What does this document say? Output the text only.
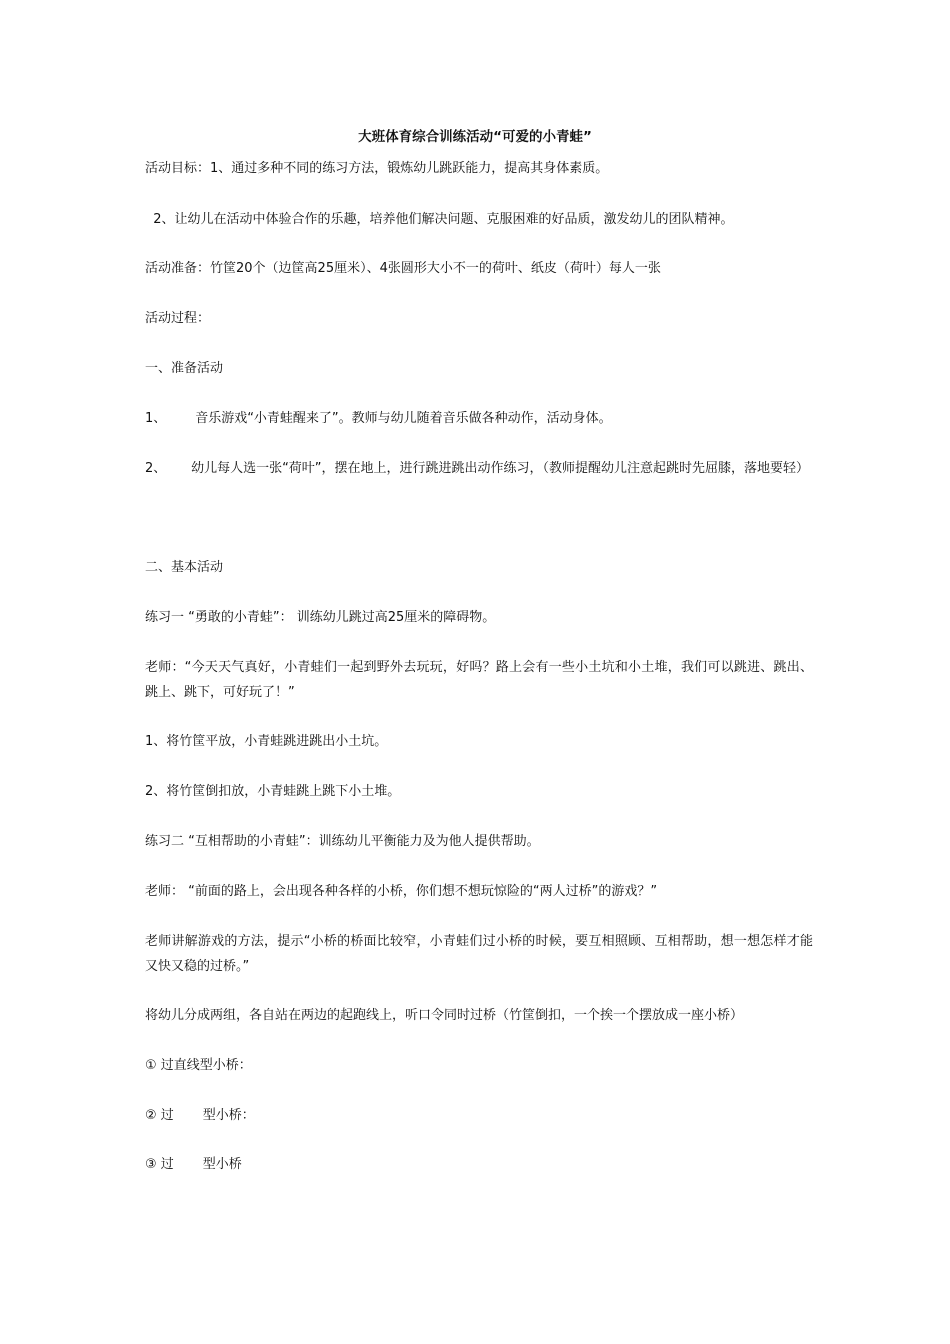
大班体育综合训练活动“可爱的小青蛙”

活动目标：1、通过多种不同的练习方法，锻炼幼儿跳跃能力，提高其身体素质。

2、让幼儿在活动中体验合作的乐趣，培养他们解决问题、克服困难的好品质，激发幼儿的团队精神。

活动准备：竹筐20个（边筐高25厘米）、4张圆形大小不一的荷叶、纸皮（荷叶）每人一张

活动过程：

一、准备活动

1、       音乐游戏“小青蛙醒来了”。教师与幼儿随着音乐做各种动作，活动身体。

2、      幼儿每人选一张“荷叶”，摆在地上，进行跳进跳出动作练习，（教师提醒幼儿注意起跳时先屈膝，落地要轻）

二、基本活动

练习一 “勇敢的小青蛙”： 训练幼儿跳过高25厘米的障碍物。

老师：“今天天气真好，小青蛙们一起到野外去玩玩，好吗？路上会有一些小土坑和小土堆，我们可以跳进、跳出、跳上、跳下，可好玩了！”

1、将竹筐平放，小青蛙跳进跳出小土坑。

2、将竹筐倒扣放，小青蛙跳上跳下小土堆。

练习二 “互相帮助的小青蛙”：训练幼儿平衡能力及为他人提供帮助。

老师： “前面的路上，会出现各种各样的小桥，你们想不想玩惊险的“两人过桥”的游戏？”

老师讲解游戏的方法，提示“小桥的桥面比较窄，小青蛙们过小桥的时候，要互相照顾、互相帮助，想一想怎样才能又快又稳的过桥。”

将幼儿分成两组，各自站在两边的起跑线上，听口令同时过桥（竹筐倒扣，一个挨一个摆放成一座小桥）

① 过直线型小桥：

② 过       型小桥：

③ 过       型小桥
